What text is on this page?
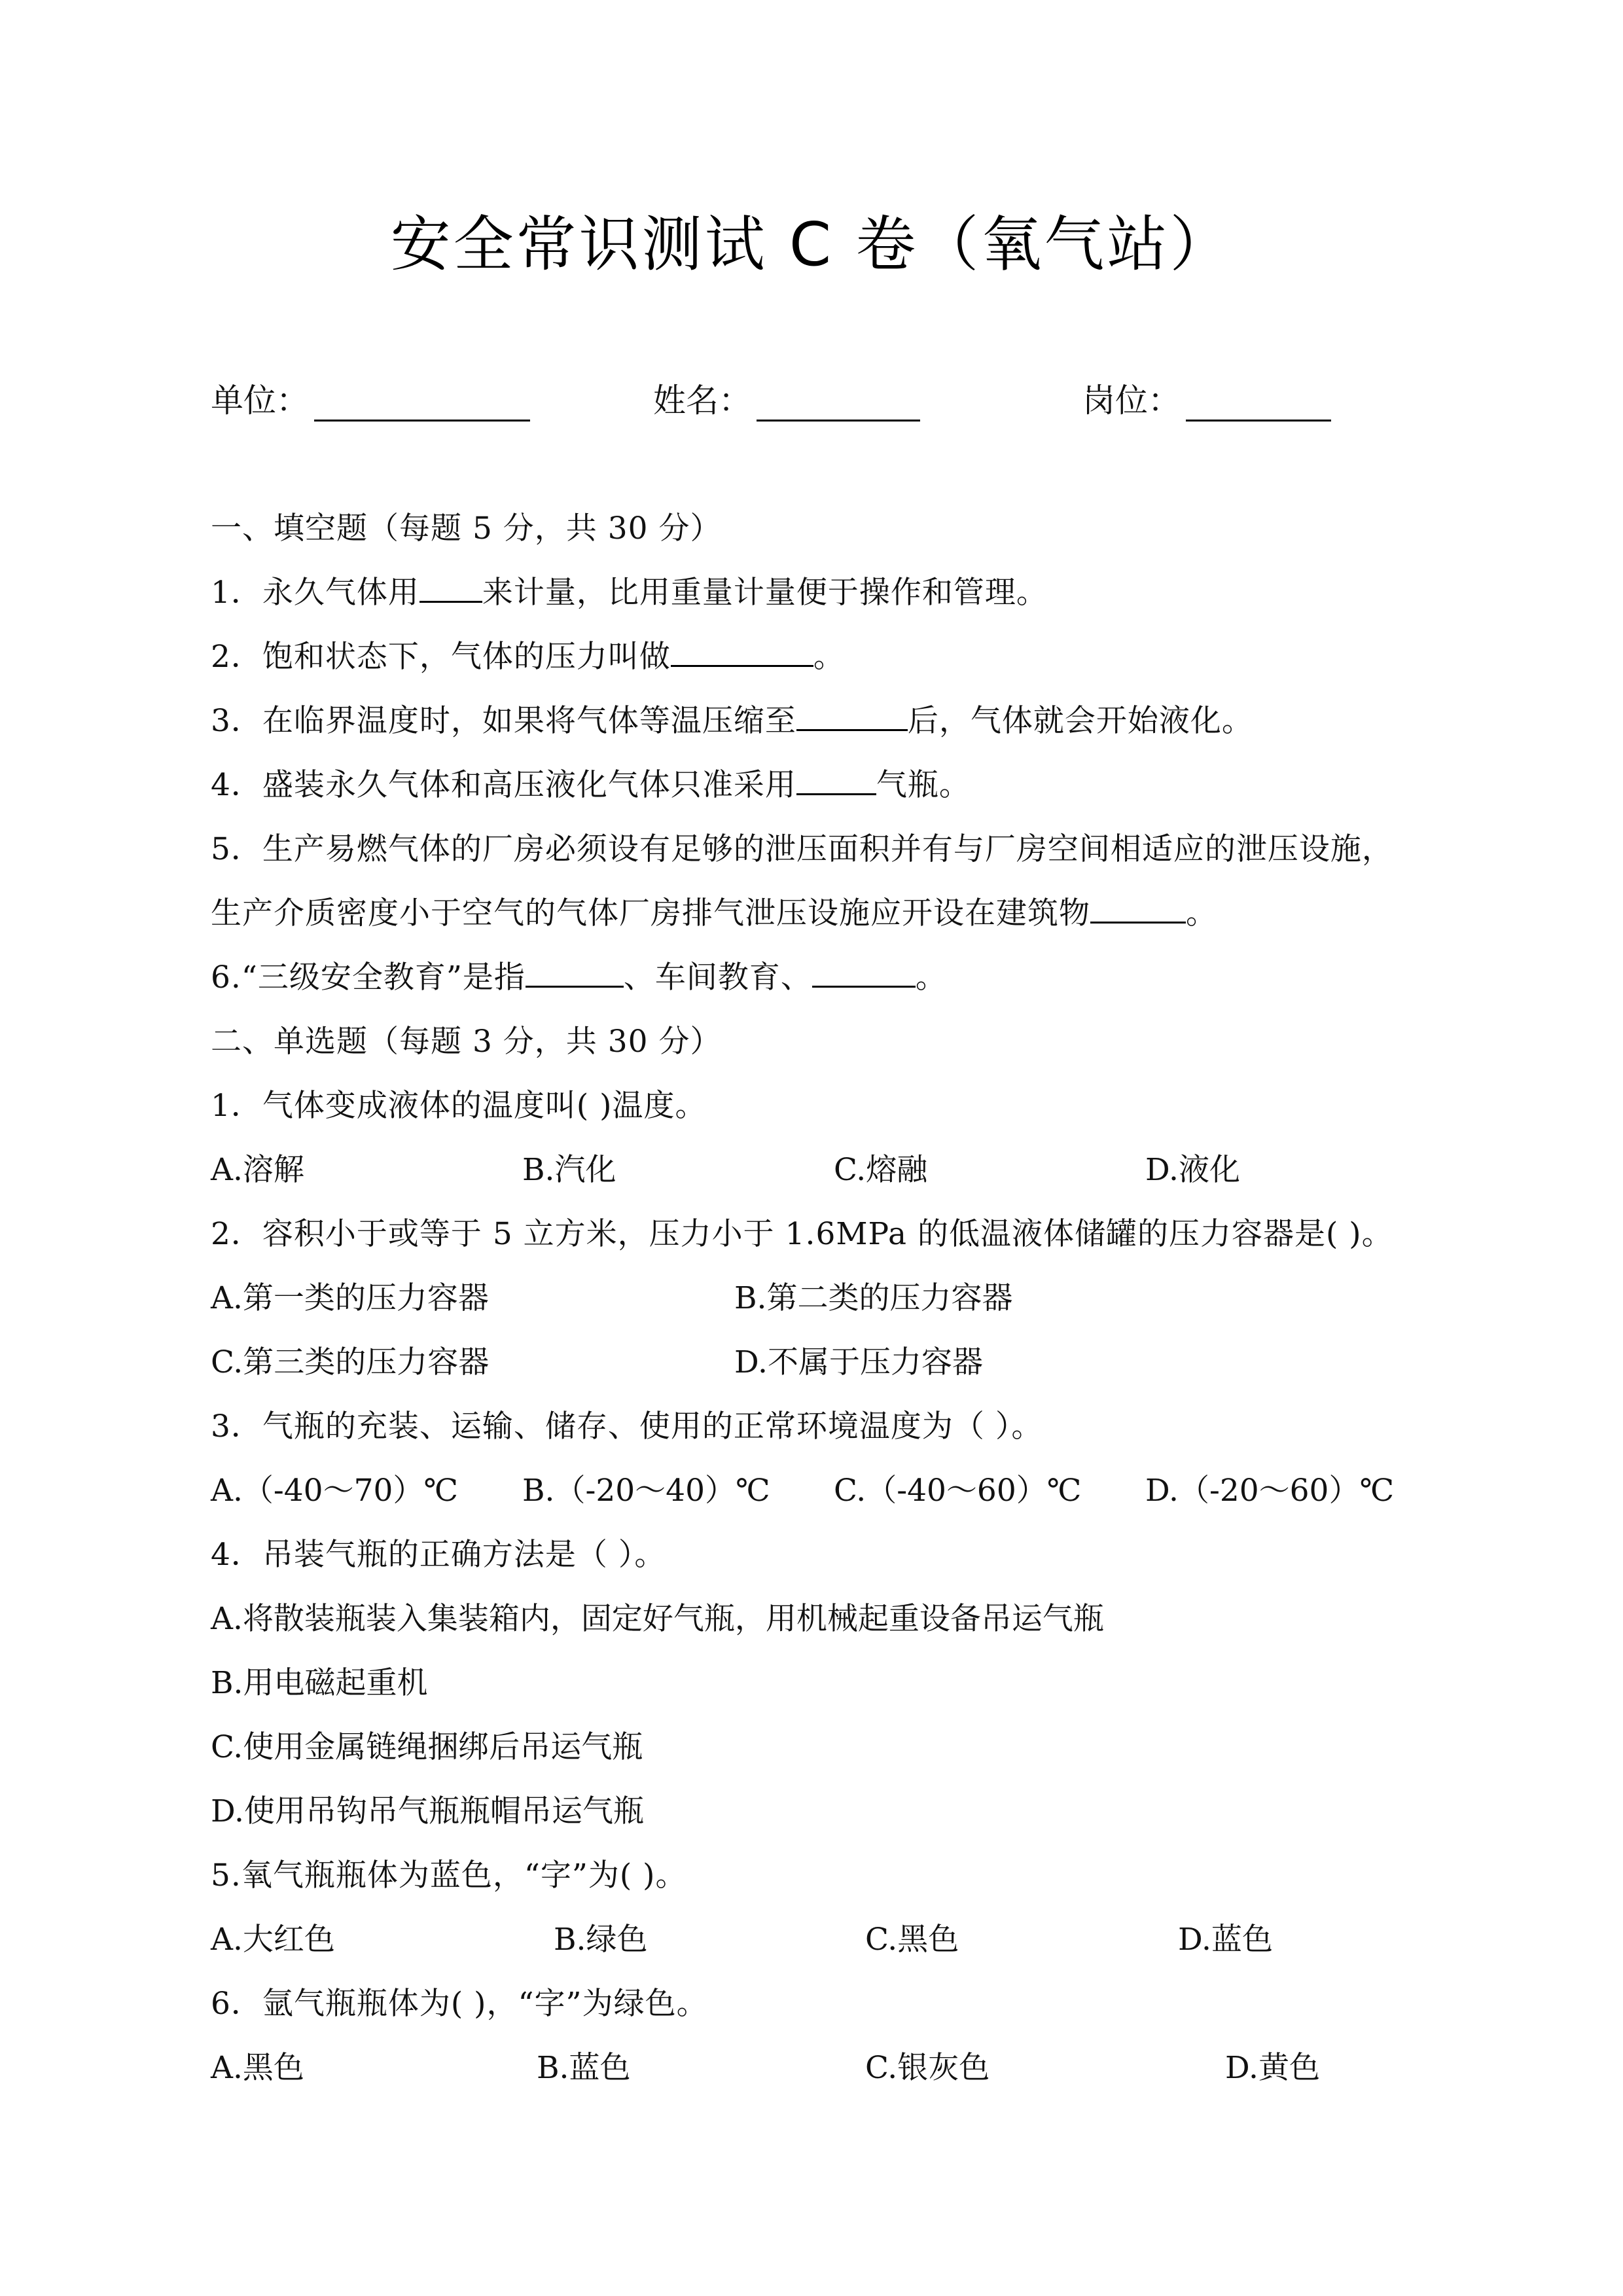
安全常识测试 C 卷（氧气站）
单位：	姓名：	岗位：
一、填空题（每题 5 分，共 30 分）
1．永久气体用 来计量，比用重量计量便于操作和管理。
2．饱和状态下，气体的压力叫做	。
3．在临界温度时，如果将气体等温压缩至	后，气体就会开始液化。
4．盛装永久气体和高压液化气体只准采用	气瓶。
5．生产易燃气体的厂房必须设有足够的泄压面积并有与厂房空间相适应的泄压设施，
生产介质密度小于空气的气体厂房排气泄压设施应开设在建筑物	。
6.“三级安全教育”是指	、车间教育、	。
二、单选题（每题 3 分，共 30 分）
1．气体变成液体的温度叫( )温度。
A.溶解	B.汽化	C.熔融	D.液化
2．容积小于或等于 5 立方米，压力小于 1.6MPa 的低温液体储罐的压力容器是( )。
A.第一类的压力容器	B.第二类的压力容器
C.第三类的压力容器	D.不属于压力容器
3．气瓶的充装、运输、储存、使用的正常环境温度为（ ）。
A.（-40～70）℃ B.（-20～40）℃ C.（-40～60）℃ D.（-20～60）℃
4．吊装气瓶的正确方法是（ ）。
A.将散装瓶装入集装箱内，固定好气瓶，用机械起重设备吊运气瓶
B.用电磁起重机
C.使用金属链绳捆绑后吊运气瓶
D.使用吊钩吊气瓶瓶帽吊运气瓶
5.氧气瓶瓶体为蓝色，“字”为( )。
A.大红色	B.绿色	C.黑色	D.蓝色
6．氩气瓶瓶体为( )，“字”为绿色。
A.黑色	B.蓝色	C.银灰色	D.黄色
